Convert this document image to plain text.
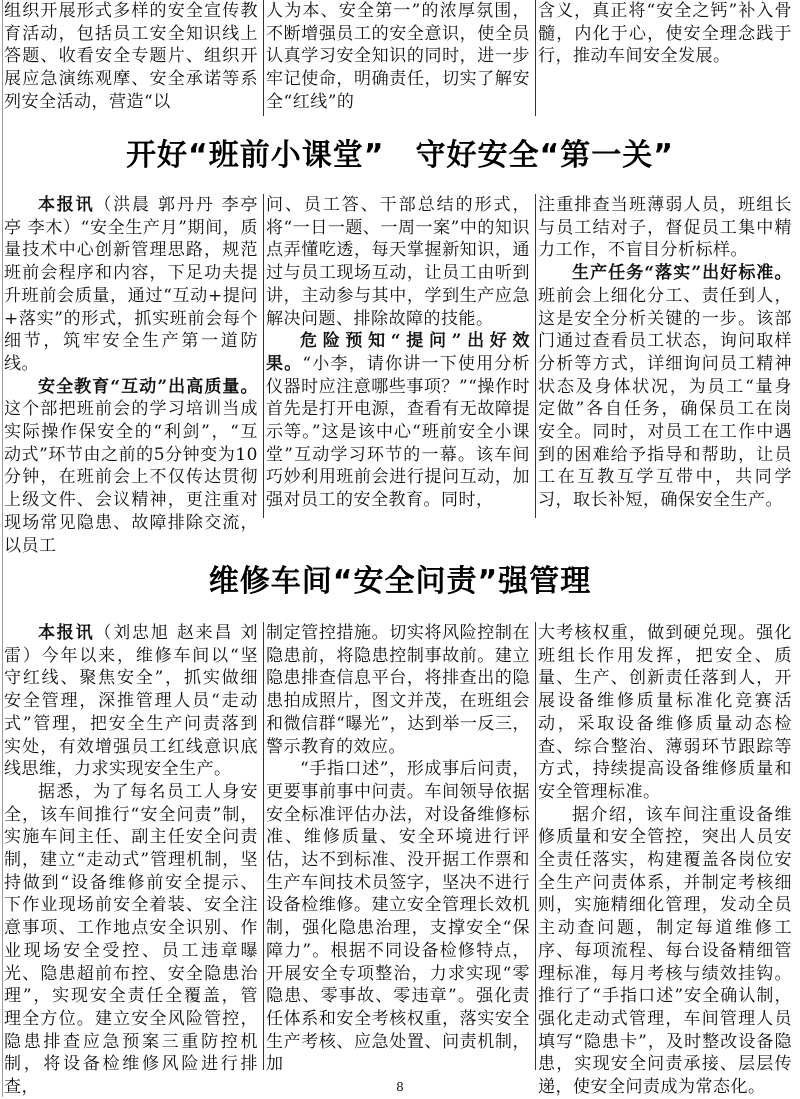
组织开展形式多样的安全宣传教育活动，包括员工安全知识线上答题、收看安全专题片、组织开展应急演练观摩、安全承诺等系列安全活动，营造“以

人为本、安全第一”的浓厚氛围，不断增强员工的安全意识，使全员认真学习安全知识的同时，进一步牢记使命，明确责任，切实了解安全“红线”的

含义，真正将“安全之钙”补入骨髓，内化于心，使安全理念践于行，推动车间安全发展。

开好“班前小课堂”　守好安全“第一关”

本报讯（洪晨 郭丹丹 李亭亭 李木）“安全生产月”期间，质量技术中心创新管理思路，规范班前会程序和内容，下足功夫提升班前会质量，通过“互动+提问+落实”的形式，抓实班前会每个细节，筑牢安全生产第一道防线。

安全教育“互动”出高质量。这个部把班前会的学习培训当成实际操作保安全的“利剑”，“互动式”环节由之前的5分钟变为10分钟，在班前会上不仅传达贯彻上级文件、会议精神，更注重对现场常见隐患、故障排除交流，以员工

问、员工答、干部总结的形式，将“一日一题、一周一案”中的知识点弄懂吃透，每天掌握新知识，通过与员工现场互动，让员工由听到讲，主动参与其中，学到生产应急解决问题、排除故障的技能。

危险预知“提问”出好效果。“小李，请你讲一下使用分析仪器时应注意哪些事项？”“操作时首先是打开电源，查看有无故障提示等。”这是该中心“班前安全小课堂”互动学习环节的一幕。该车间巧妙利用班前会进行提问互动，加强对员工的安全教育。同时，

注重排查当班薄弱人员，班组长与员工结对子，督促员工集中精力工作，不盲目分析标样。

生产任务“落实”出好标准。班前会上细化分工、责任到人，这是安全分析关键的一步。该部门通过查看员工状态，询问取样分析等方式，详细询问员工精神状态及身体状况，为员工“量身定做”各自任务，确保员工在岗安全。同时，对员工在工作中遇到的困难给予指导和帮助，让员工在互教互学互带中，共同学习，取长补短，确保安全生产。

维修车间“安全问责”强管理

本报讯（刘忠旭 赵来昌 刘雷）今年以来，维修车间以“坚守红线、聚焦安全”，抓实做细安全管理，深推管理人员“走动式”管理，把安全生产问责落到实处，有效增强员工红线意识底线思维，力求实现安全生产。

据悉，为了每名员工人身安全，该车间推行“安全问责”制，实施车间主任、副主任安全问责制，建立“走动式”管理机制，坚持做到“设备维修前安全提示、下作业现场前安全着装、安全注意事项、工作地点安全识别、作业现场安全受控、员工违章曝光、隐患超前布控、安全隐患治理”，实现安全责任全覆盖，管理全方位。建立安全风险管控，隐患排查应急预案三重防控机制，将设备检维修风险进行排查，

制定管控措施。切实将风险控制在隐患前，将隐患控制事故前。建立隐患排查信息平台，将排查出的隐患拍成照片，图文并茂，在班组会和微信群“曝光”，达到举一反三，警示教育的效应。

“手指口述”，形成事后问责，更要事前事中问责。车间领导依据安全标准评估办法，对设备维修标准、维修质量、安全环境进行评估，达不到标准、没开据工作票和生产车间技术员签字，坚决不进行设备检维修。建立安全管理长效机制，强化隐患治理，支撑安全“保障力”。根据不同设备检修特点，开展安全专项整治，力求实现“零隐患、零事故、零违章”。强化责任体系和安全考核权重，落实安全生产考核、应急处置、问责机制，加

大考核权重，做到硬兑现。强化班组长作用发挥，把安全、质量、生产、创新责任落到人，开展设备维修质量标准化竞赛活动，采取设备维修质量动态检查、综合整治、薄弱环节跟踪等方式，持续提高设备维修质量和安全管理标准。

据介绍，该车间注重设备维修质量和安全管控，突出人员安全责任落实，构建覆盖各岗位安全生产问责体系，并制定考核细则，实施精细化管理，发动全员主动查问题，制定每道维修工序、每项流程、每台设备精细管理标准，每月考核与绩效挂钩。推行了“手指口述”安全确认制，强化走动式管理，车间管理人员填写“隐患卡”，及时整改设备隐患，实现安全问责承接、层层传递，使安全问责成为常态化。

8
